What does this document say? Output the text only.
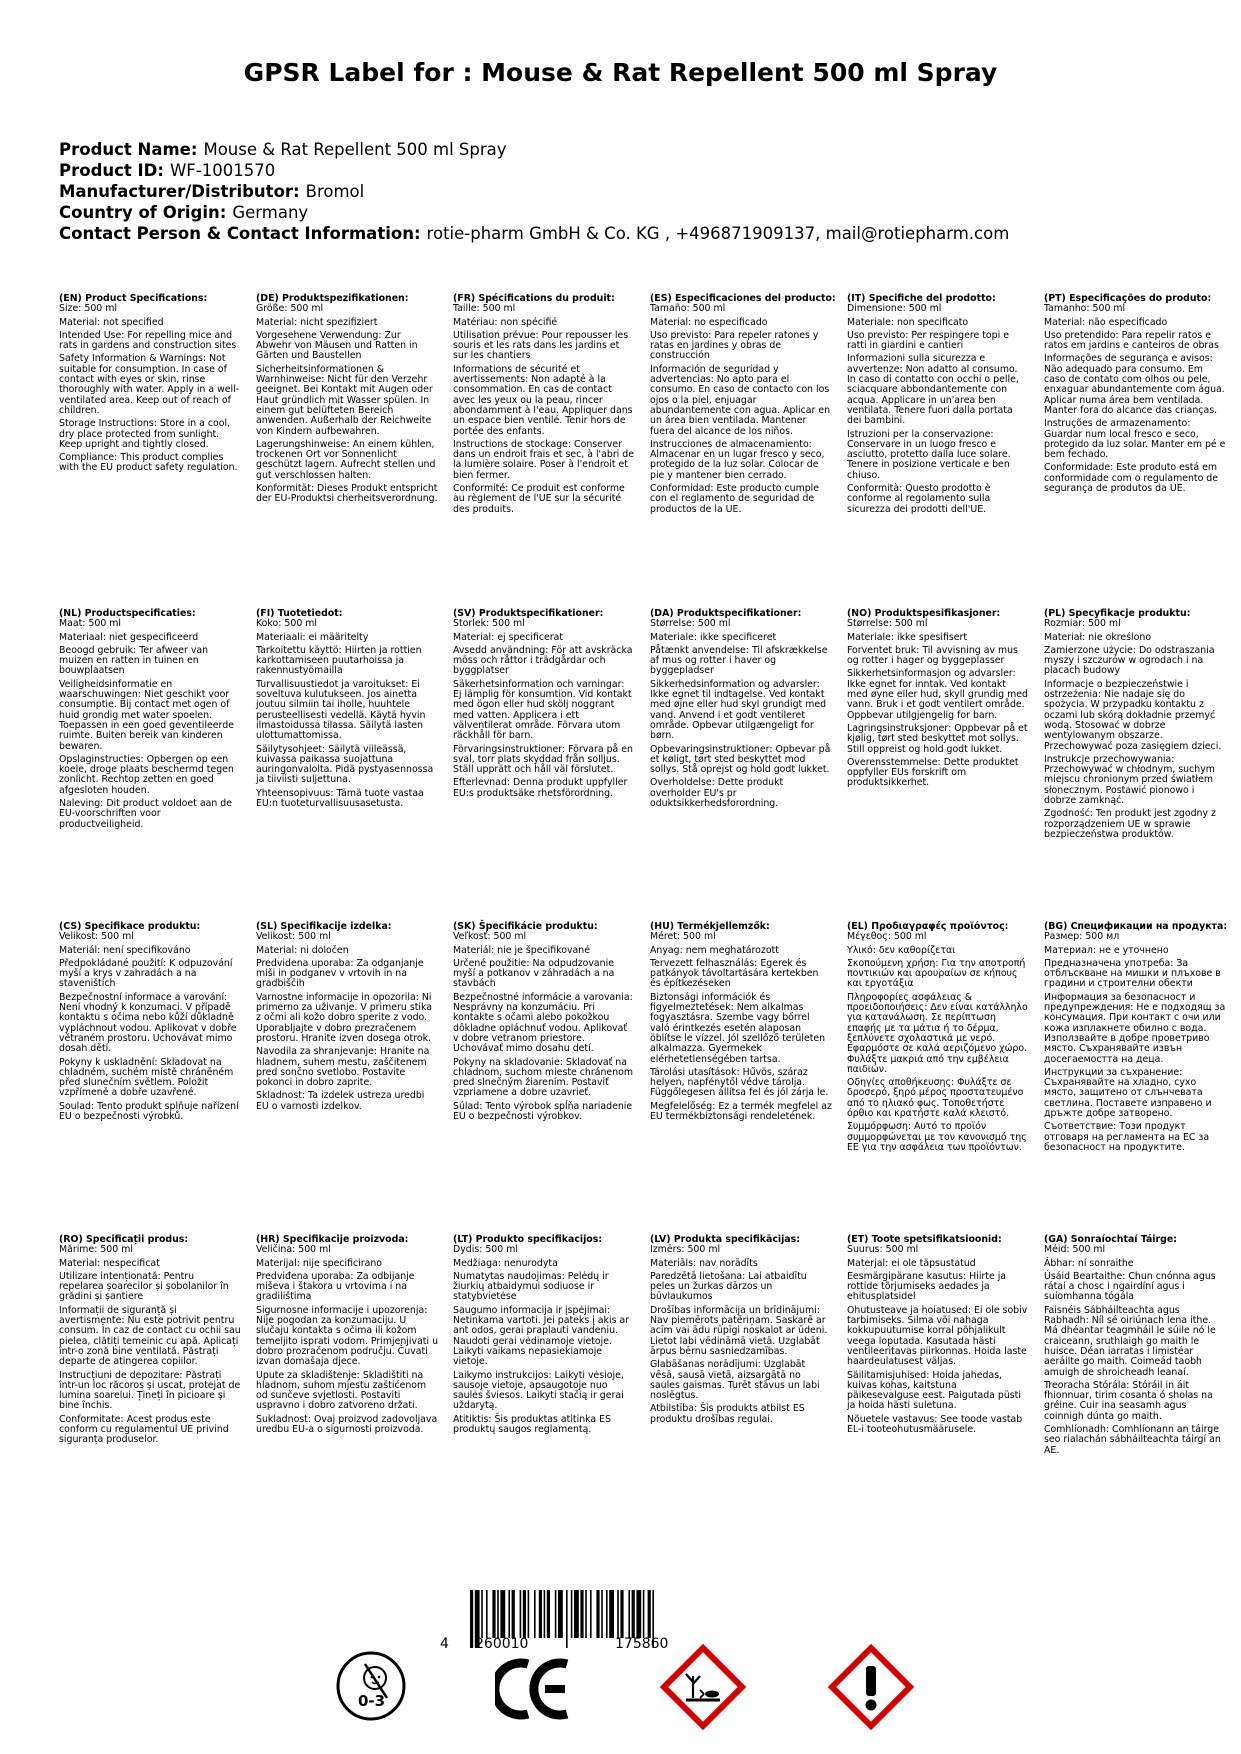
GPSR Label for : Mouse & Rat Repellent 500 ml Spray
Product Name: Mouse & Rat Repellent 500 ml Spray
Product ID: WF-1001570
Manufacturer/Distributor: Bromol
Country of Origin: Germany
Contact Person & Contact Information: rotie-pharm GmbH & Co. KG , +496871909137, mail@rotiepharm.com
(EN) Product Specifications:

Size: 500 ml

Material: not specified

Intended Use: For repelling mice and rats in gardens and construction sites

Safety Information & Warnings: Not suitable for consumption. In case of contact with eyes or skin, rinse thoroughly with water. Apply in a well-ventilated area. Keep out of reach of children.

Storage Instructions: Store in a cool, dry place protected from sunlight. Keep upright and tightly closed.

Compliance: This product complies with the EU product safety regulation.

(DE) Produktspezifikationen:

Größe: 500 ml

Material: nicht spezifiziert

Vorgesehene Verwendung: Zur Abwehr von Mäusen und Ratten in Gärten und Baustellen

Sicherheitsinformationen & Warnhinweise: Nicht für den Verzehr geeignet. Bei Kontakt mit Augen oder Haut gründlich mit Wasser spülen. In einem gut belüfteten Bereich anwenden. Außerhalb der Reichweite von Kindern aufbewahren.

Lagerungshinweise: An einem kühlen, trockenen Ort vor Sonnenlicht geschützt lagern. Aufrecht stellen und gut verschlossen halten.

Konformität: Dieses Produkt entspricht der EU-Produktsi cherheitsverordnung.

(FR) Spécifications du produit:

Taille: 500 ml

Matériau: non spécifié

Utilisation prévue: Pour repousser les souris et les rats dans les jardins et sur les chantiers

Informations de sécurité et avertissements: Non adapté à la consommation. En cas de contact avec les yeux ou la peau, rincer abondamment à l'eau. Appliquer dans un espace bien ventilé. Tenir hors de portée des enfants.

Instructions de stockage: Conserver dans un endroit frais et sec, à l'abri de la lumière solaire. Poser à l'endroit et bien fermer.

Conformité: Ce produit est conforme au règlement de l'UE sur la sécurité des produits.

(ES) Especificaciones del producto:

Tamaño: 500 ml

Material: no especificado

Uso previsto: Para repeler ratones y ratas en jardines y obras de construcción

Información de seguridad y advertencias: No apto para el consumo. En caso de contacto con los ojos o la piel, enjuagar abundantemente con agua. Aplicar en un área bien ventilada. Mantener fuera del alcance de los niños.

Instrucciones de almacenamiento: Almacenar en un lugar fresco y seco, protegido de la luz solar. Colocar de pie y mantener bien cerrado.

Conformidad: Este producto cumple con el reglamento de seguridad de productos de la UE.

(IT) Specifiche del prodotto:

Dimensione: 500 ml

Materiale: non specificato

Uso previsto: Per respingere topi e ratti in giardini e cantieri

Informazioni sulla sicurezza e avvertenze: Non adatto al consumo. In caso di contatto con occhi o pelle, sciacquare abbondantemente con acqua. Applicare in un'area ben ventilata. Tenere fuori dalla portata dei bambini.

Istruzioni per la conservazione: Conservare in un luogo fresco e asciutto, protetto dalla luce solare. Tenere in posizione verticale e ben chiuso.

Conformità: Questo prodotto è conforme al regolamento sulla sicurezza dei prodotti dell'UE.

(PT) Especificações do produto:

Tamanho: 500 ml

Material: não especificado

Uso pretendido: Para repelir ratos e ratos em jardins e canteiros de obras

Informações de segurança e avisos: Não adequado para consumo. Em caso de contato com olhos ou pele, enxaguar abundantemente com água. Aplicar numa área bem ventilada. Manter fora do alcance das crianças.

Instruções de armazenamento: Guardar num local fresco e seco, protegido da luz solar. Manter em pé e bem fechado.

Conformidade: Este produto está em conformidade com o regulamento de segurança de produtos da UE.

(NL) Productspecificaties:

Maat: 500 ml

Materiaal: niet gespecificeerd

Beoogd gebruik: Ter afweer van muizen en ratten in tuinen en bouwplaatsen

Veiligheidsinformatie en waarschuwingen: Niet geschikt voor consumptie. Bij contact met ogen of huid grondig met water spoelen. Toepassen in een goed geventileerde ruimte. Buiten bereik van kinderen bewaren.

Opslaginstructies: Opbergen op een koele, droge plaats beschermd tegen zonlicht. Rechtop zetten en goed afgesloten houden.

Naleving: Dit product voldoet aan de EU-voorschriften voor productveiligheid.

(FI) Tuotetiedot:

Koko: 500 ml

Materiaali: ei määritelty

Tarkoitettu käyttö: Hiirten ja rottien karkottamiseen puutarhoissa ja rakennustyömailla

Turvallisuustiedot ja varoitukset: Ei soveltuva kulutukseen. Jos ainetta joutuu silmiin tai iholle, huuhtele perusteellisesti vedellä. Käytä hyvin ilmastoidussa tilassa. Säilytä lasten ulottumattomissa.

Säilytysohjeet: Säilytä viileässä, kuivassa paikassa suojattuna auringonvalolta. Pidä pystyasennossa ja tiiviisti suljettuna.

Yhteensopivuus: Tämä tuote vastaa EU:n tuoteturvallisuusasetusta.

(SV) Produktspecifikationer:

Storlek: 500 ml

Material: ej specificerat

Avsedd användning: För att avskräcka möss och råttor i trädgårdar och byggplatser

Säkerhetsinformation och varningar: Ej lämplig för konsumtion. Vid kontakt med ögon eller hud skölj noggrant med vatten. Applicera i ett välventilerat område. Förvara utom räckhåll för barn.

Förvaringsinstruktioner: Förvara på en sval, torr plats skyddad från solljus. Ställ upprätt och håll väl förslutet.

Efterlevnad: Denna produkt uppfyller EU:s produktsäke rhetsförordning.

(DA) Produktspecifikationer:

Størrelse: 500 ml

Materiale: ikke specificeret

Påtænkt anvendelse: Til afskrækkelse af mus og rotter i haver og byggepladser

Sikkerhedsinformation og advarsler: Ikke egnet til indtagelse. Ved kontakt med øjne eller hud skyl grundigt med vand. Anvend i et godt ventileret område. Opbevar utilgængeligt for børn.

Opbevaringsinstruktioner: Opbevar på et køligt, tørt sted beskyttet mod sollys. Stå oprejst og hold godt lukket.

Overholdelse: Dette produkt overholder EU's pr oduktsikkerhedsforordning.

(NO) Produktspesifikasjoner:

Størrelse: 500 ml

Materiale: ikke spesifisert

Forventet bruk: Til avvisning av mus og rotter i hager og byggeplasser

Sikkerhetsinformasjon og advarsler: Ikke egnet for inntak. Ved kontakt med øyne eller hud, skyll grundig med vann. Bruk i et godt ventilert område. Oppbevar utilgjengelig for barn.

Lagringsinstruksjoner: Oppbevar på et kjølig, tørt sted beskyttet mot sollys. Still oppreist og hold godt lukket.

Overensstemmelse: Dette produktet oppfyller EUs forskrift om produktsikkerhet.

(PL) Specyfikacje produktu:

Rozmiar: 500 ml

Materiał: nie określono

Zamierzone użycie: Do odstraszania myszy i szczurów w ogrodach i na placach budowy

Informacje o bezpieczeństwie i ostrzeżenia: Nie nadaje się do spożycia. W przypadku kontaktu z oczami lub skórą dokładnie przemyć wodą. Stosować w dobrze wentylowanym obszarze. Przechowywać poza zasięgiem dzieci.

Instrukcje przechowywania: Przechowywać w chłodnym, suchym miejscu chronionym przed światłem słonecznym. Postawić pionowo i dobrze zamknąć.

Zgodność: Ten produkt jest zgodny z rozporządzeniem UE w sprawie bezpieczeństwa produktów.

(CS) Specifikace produktu:

Velikost: 500 ml

Materiál: není specifikováno

Předpokládané použití: K odpuzování myší a krys v zahradách a na staveništích

Bezpečnostní informace a varování: Není vhodný k konzumaci. V případě kontaktu s očima nebo kůží důkladně vypláchnout vodou. Aplikovat v dobře větraném prostoru. Uchovávat mimo dosah dětí.

Pokyny k uskladnění: Skladovat na chladném, suchém místě chráněném před slunečním světlem. Položit vzpřímeně a dobře uzavřené.

Soulad: Tento produkt splňuje nařízení EU o bezpečnosti výrobků.

(SL) Specifikacije izdelka:

Velikost: 500 ml

Material: ni določen

Predvidena uporaba: Za odganjanje miši in podganev v vrtovih in na gradbiščih

Varnostne informacije in opozorila: Ni primerno za uživanje. V primeru stika z očmi ali kožo dobro sperite z vodo. Uporabljajte v dobro prezračenem prostoru. Hranite izven dosega otrok.

Navodila za shranjevanje: Hranite na hladnem, suhem mestu, zaščitenem pred sončno svetlobo. Postavite pokonci in dobro zaprite.

Skladnost: Ta izdelek ustreza uredbi EU o varnosti izdelkov.

(SK) Špecifikácie produktu:

Veľkosť: 500 ml

Materiál: nie je špecifikované

Určené použitie: Na odpudzovanie myší a potkanov v záhradách a na stavbách

Bezpečnostné informácie a varovania: Nesprávny na konzumáciu. Pri kontakte s očami alebo pokožkou dôkladne opláchnuť vodou. Aplikovať v dobre vetranom priestore. Uchovávať mimo dosahu detí.

Pokyny na skladovanie: Skladovať na chladnom, suchom mieste chránenom pred slnečným žiarením. Postaviť vzpriamene a dobre uzavrieť.

Súlad: Tento výrobok spĺňa nariadenie EU o bezpečnosti výrobkov.

(HU) Termékjellemzők:

Méret: 500 ml

Anyag: nem meghatározott

Tervezett felhasználás: Egerek és patkányok távoltartására kertekben és építkezéseken

Biztonsági információk és figyelmeztetések: Nem alkalmas fogyasztásra. Szembe vagy bőrrel való érintkezés esetén alaposan öblítse le vízzel. Jól szellőző területen alkalmazza. Gyermekek elérhetetlenségében tartsa.

Tárolási utasítások: Hűvös, száraz helyen, napfénytől védve tárolja. Függőlegesen állítsa fel és jól zárja le.

Megfelelőség: Ez a termék megfelel az EU termékbiztonsági rendeletének.

(EL) Προδιαγραφές προϊόντος:

Μέγεθος: 500 ml

Υλικό: δεν καθορίζεται

Σκοπούμενη χρήση: Για την αποτροπή ποντικιών και αρουραίων σε κήπους και εργοτάξια

Πληροφορίες ασφάλειας & προειδοποιήσεις: Δεν είναι κατάλληλο για κατανάλωση. Σε περίπτωση επαφής με τα μάτια ή το δέρμα, ξεπλύνετε σχολαστικά με νερό. Εφαρμόστε σε καλά αεριζόμενο χώρο. Φυλάξτε μακριά από την εμβέλεια παιδιών.

Οδηγίες αποθήκευσης: Φυλάξτε σε δροσερό, ξηρό μέρος προστατευμένο από το ηλιακό φως. Τοποθετήστε όρθιο και κρατήστε καλά κλειστό.

Συμμόρφωση: Αυτό το προϊόν συμμορφώνεται με τον κανονισμό της ΕΕ για την ασφάλεια των προϊόντων.

(BG) Спецификации на продукта:

Размер: 500 мл

Материал: не е уточнено

Предназначена употреба: За отблъскване на мишки и плъхове в градини и строителни обекти

Информация за безопасност и предупреждения: Не е подходящ за консумация. При контакт с очи или кожа изплакнете обилно с вода. Използвайте в добре проветриво място. Съхранявайте извън досегаемостта на деца.

Инструкции за съхранение: Съхранявайте на хладно, сухо място, защитено от слънчевата светлина. Поставете изправено и дръжте добре затворено.

Съответствие: Този продукт отговаря на регламента на ЕС за безопасност на продуктите.

(RO) Specificații produs:

Mărime: 500 ml

Material: nespecificat

Utilizare intenționată: Pentru repelarea șoarecilor și șobolanilor în grădini și șantiere

Informații de siguranță și avertismente: Nu este potrivit pentru consum. În caz de contact cu ochii sau pielea, clătiți temeinic cu apă. Aplicați într-o zonă bine ventilată. Păstrați departe de atingerea copiilor.

Instrucțiuni de depozitare: Păstrați într-un loc răcoros și uscat, protejat de lumina soarelui. Țineți în picioare și bine închis.

Conformitate: Acest produs este conform cu regulamentul UE privind siguranța produselor.

(HR) Specifikacije proizvoda:

Veličina: 500 ml

Materijal: nije specificirano

Predviđena uporaba: Za odbijanje miševa i štakora u vrtovima i na gradilištima

Sigurnosne informacije i upozorenja: Nije pogodan za konzumaciju. U slučaju kontakta s očima ili kožom temeljito isprati vodom. Primjenjivati u dobro prozračenom području. Čuvati izvan domašaja djece.

Upute za skladištenje: Skladištiti na hladnom, suhom mjestu zaštićenom od sunčeve svjetlosti. Postaviti uspravno i dobro zatvoreno držati.

Sukladnost: Ovaj proizvod zadovoljava uredbu EU-a o sigurnosti proizvoda.

(LT) Produkto specifikacijos:

Dydis: 500 ml

Medžiaga: nenurodyta

Numatytas naudojimas: Pelėdų ir žiurkių atbaidymui sodiuose ir statybvietėse

Saugumo informacija ir įspėjimai: Netinkama vartoti. Jei pateks į akis ar ant odos, gerai praplauti vandeniu. Naudoti gerai vėdinamoje vietoje. Laikyti vaikams nepasiekiamoje vietoje.

Laikymo instrukcijos: Laikyti vėsioje, sausoje vietoje, apsaugotoje nuo saulės šviesos. Laikyti stačią ir gerai uždarytą.

Atitiktis: Šis produktas atitinka ES produktų saugos reglamentą.

(LV) Produkta specifikācijas:

Izmērs: 500 ml

Materiāls: nav norādīts

Paredzētā lietošana: Lai atbaidītu peles un žurkas dārzos un būvlaukumos

Drošības informācija un brīdinājumi: Nav piemērots patēriņam. Saskarē ar acīm vai ādu rūpīgi noskalot ar ūdeni. Lietot labi vēdināmā vietā. Uzglabāt ārpus bērnu sasniedzamības.

Glabāšanas norādījumi: Uzglabāt vēsā, sausā vietā, aizsargātā no saules gaismas. Turēt stāvus un labi noslēgtus.

Atbilstība: Šis produkts atbilst ES produktu drošības regulai.

(ET) Toote spetsifikatsioonid:

Suurus: 500 ml

Materjal: ei ole täpsustatud

Eesmärgipärane kasutus: Hiirte ja rottide tõrjumiseks aedades ja ehitusplatsidel

Ohutusteave ja hoiatused: Ei ole sobiv tarbimiseks. Silma või nahaga kokkupuutumise korral põhjalikult veega loputada. Kasutada hästi ventileeritavas piirkonnas. Hoida laste haardeulatusest väljas.

Säilitamisjuhised: Hoida jahedas, kuivas kohas, kaitstuna päikesevalguse eest. Paigutada püsti ja hoida hästi suletuna.

Nõuetele vastavus: See toode vastab EL-i tooteohutusmäärusele.

(GA) Sonraíochtaí Táirge:

Méid: 500 ml

Ábhar: ní sonraithe

Úsáid Beartaithe: Chun cnónna agus rátaí a chosc i ngairdíní agus i suíomhanna tógála

Faisnéis Sábháilteachta agus Rabhadh: Níl sé oiriúnach lena ithe. Má dhéantar teagmháil le súile nó le craiceann, sruthlaigh go maith le huisce. Déan iarratas i limistéar aeráilte go maith. Coimeád taobh amuigh de shroicheadh leanaí.

Treoracha Stórála: Stóráil in áit fhionnuar, tirim cosanta ó sholas na gréine. Cuir ina seasamh agus coinnigh dúnta go maith.

Comhlíonadh: Comhlíonann an táirge seo rialachán sábháilteachta táirgí an AE.

4 260010	175860
0-3
